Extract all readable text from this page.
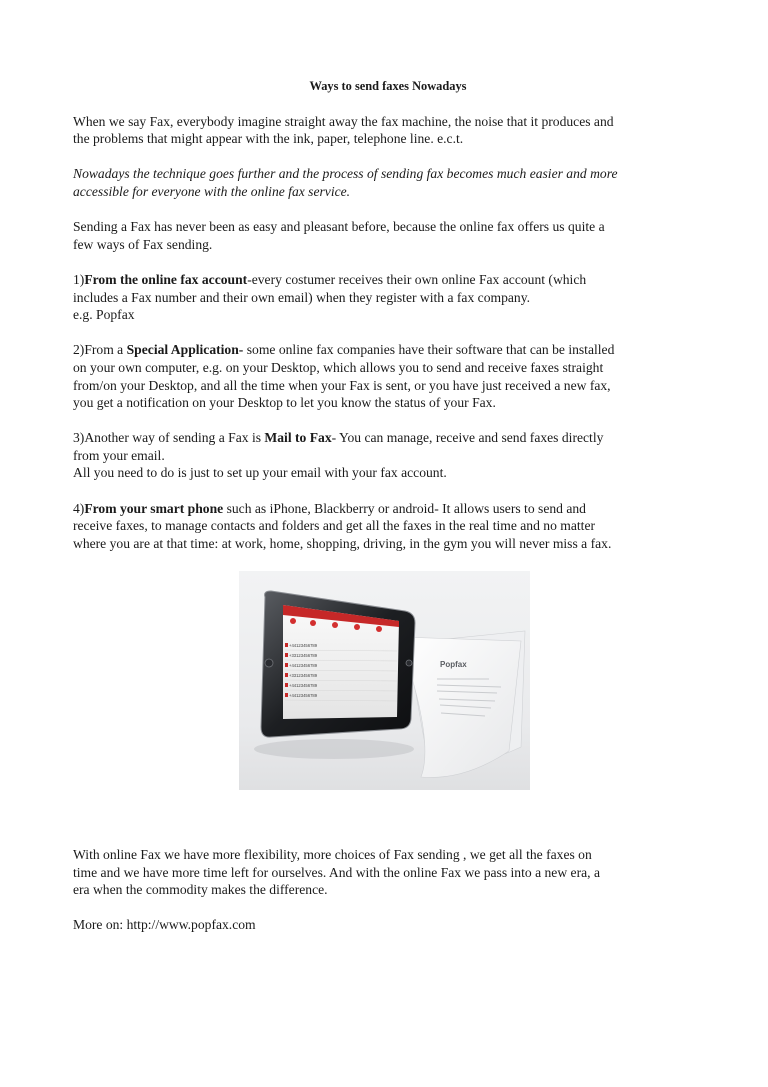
Ways to send faxes Nowadays

When we say Fax, everybody imagine straight away the fax machine, the noise that it produces and
the problems that might appear with the ink, paper, telephone line. e.c.t.

Nowadays the technique goes further and the process of sending fax becomes much easier and more
accessible for everyone with the online fax service.

Sending a Fax has never been as easy and pleasant before, because the online fax offers us quite a
few ways of Fax sending.

1)From the online fax account-every costumer receives their own online Fax account (which
includes a Fax number and their own email) when they register with a fax company.
e.g. Popfax

2)From a Special Application- some online fax companies have their software that can be installed
on your own computer, e.g. on your Desktop, which allows you to send and receive faxes straight
from/on your Desktop, and all the time when your Fax is sent, or you have just received a new fax,
you get a notification on your Desktop to let you know the status of your Fax.

3)Another way of sending a Fax is Mail to Fax- You can manage, receive and send faxes directly
from your email.
All you need to do is just to set up your email with your fax account.

4)From your smart phone such as iPhone, Blackberry or android- It allows users to send and
receive faxes, to manage contacts and folders and get all the faxes in the real time and no matter
where you are at that time: at work, home, shopping, driving, in the gym you will never miss a fax.

Popfax
+44123456789
+33123456789
+44123456789
+33123456789
+44123456789
+44123456789

With online Fax we have more flexibility, more choices of Fax sending , we get all the faxes on
time and we have more time left for ourselves. And with the online Fax we pass into a new era, a
era when the commodity makes the difference.

More on: http://www.popfax.com
